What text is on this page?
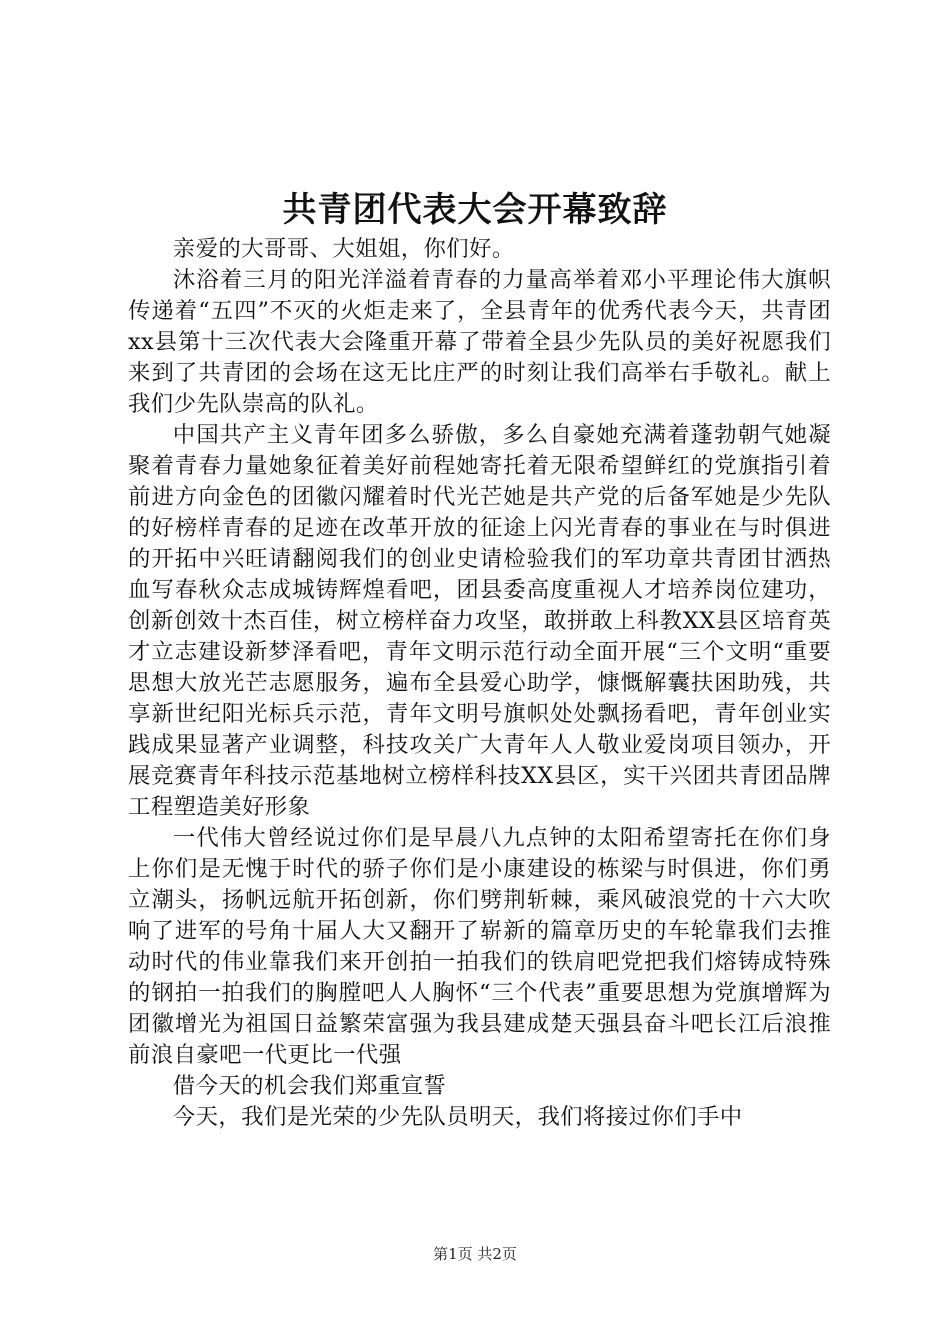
共青团代表大会开幕致辞

亲爱的大哥哥、大姐姐，你们好。

沐浴着三月的阳光洋溢着青春的力量高举着邓小平理论伟大旗帜传递着“五四”不灭的火炬走来了，全县青年的优秀代表今天，共青团xx县第十三次代表大会隆重开幕了带着全县少先队员的美好祝愿我们来到了共青团的会场在这无比庄严的时刻让我们高举右手敬礼。献上我们少先队崇高的队礼。

中国共产主义青年团多么骄傲，多么自豪她充满着蓬勃朝气她凝聚着青春力量她象征着美好前程她寄托着无限希望鲜红的党旗指引着前进方向金色的团徽闪耀着时代光芒她是共产党的后备军她是少先队的好榜样青春的足迹在改革开放的征途上闪光青春的事业在与时俱进的开拓中兴旺请翻阅我们的创业史请检验我们的军功章共青团甘洒热血写春秋众志成城铸辉煌看吧，团县委高度重视人才培养岗位建功，创新创效十杰百佳，树立榜样奋力攻坚，敢拼敢上科教XX县区培育英才立志建设新梦泽看吧，青年文明示范行动全面开展“三个文明“重要思想大放光芒志愿服务，遍布全县爱心助学，慷慨解囊扶困助残，共享新世纪阳光标兵示范，青年文明号旗帜处处飘扬看吧，青年创业实践成果显著产业调整，科技攻关广大青年人人敬业爱岗项目领办，开展竞赛青年科技示范基地树立榜样科技XX县区，实干兴团共青团品牌工程塑造美好形象

一代伟大曾经说过你们是早晨八九点钟的太阳希望寄托在你们身上你们是无愧于时代的骄子你们是小康建设的栋梁与时俱进，你们勇立潮头，扬帆远航开拓创新，你们劈荆斩棘，乘风破浪党的十六大吹响了进军的号角十届人大又翻开了崭新的篇章历史的车轮靠我们去推动时代的伟业靠我们来开创拍一拍我们的铁肩吧党把我们熔铸成特殊的钢拍一拍我们的胸膛吧人人胸怀“三个代表”重要思想为党旗增辉为团徽增光为祖国日益繁荣富强为我县建成楚天强县奋斗吧长江后浪推前浪自豪吧一代更比一代强

借今天的机会我们郑重宣誓

今天，我们是光荣的少先队员明天，我们将接过你们手中

第1页 共2页
